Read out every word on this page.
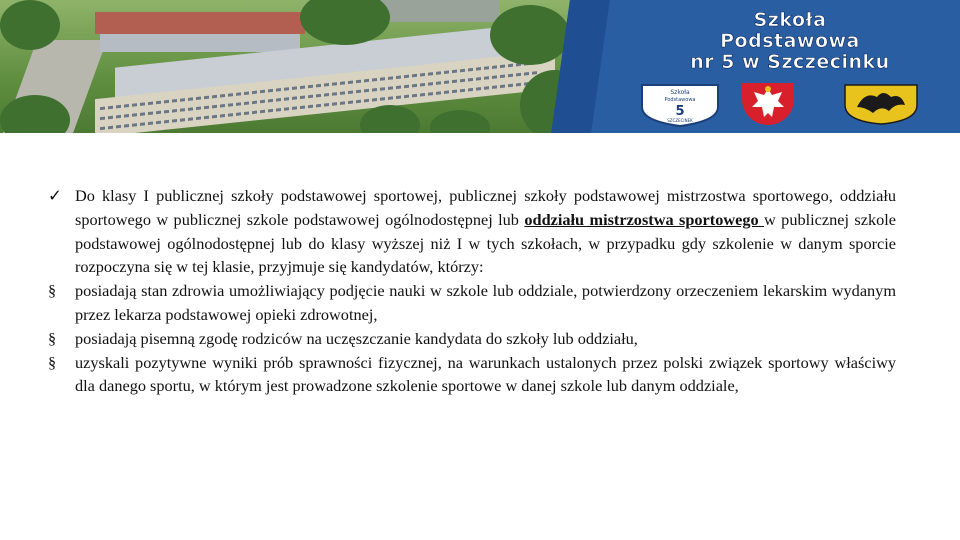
Szkoła
Podstawowa
nr 5 w Szczecinku
Szkoła
Podstawowa
5
SZCZECINEK
✓ Do klasy I publicznej szkoły podstawowej sportowej, publicznej szkoły podstawowej mistrzostwa sportowego, oddziału sportowego w publicznej szkole podstawowej ogólnodostępnej lub oddziału mistrzostwa sportowego w publicznej szkole podstawowej ogólnodostępnej lub do klasy wyższej niż I w tych szkołach, w przypadku gdy szkolenie w danym sporcie rozpoczyna się w tej klasie, przyjmuje się kandydatów, którzy:
§	posiadają stan zdrowia umożliwiający podjęcie nauki w szkole lub oddziale, potwierdzony orzeczeniem lekarskim wydanym przez lekarza podstawowej opieki zdrowotnej,
§	posiadają pisemną zgodę rodziców na uczęszczanie kandydata do szkoły lub oddziału,
§	uzyskali pozytywne wyniki prób sprawności fizycznej, na warunkach ustalonych przez polski związek sportowy właściwy dla danego sportu, w którym jest prowadzone szkolenie sportowe w danej szkole lub danym oddziale,
